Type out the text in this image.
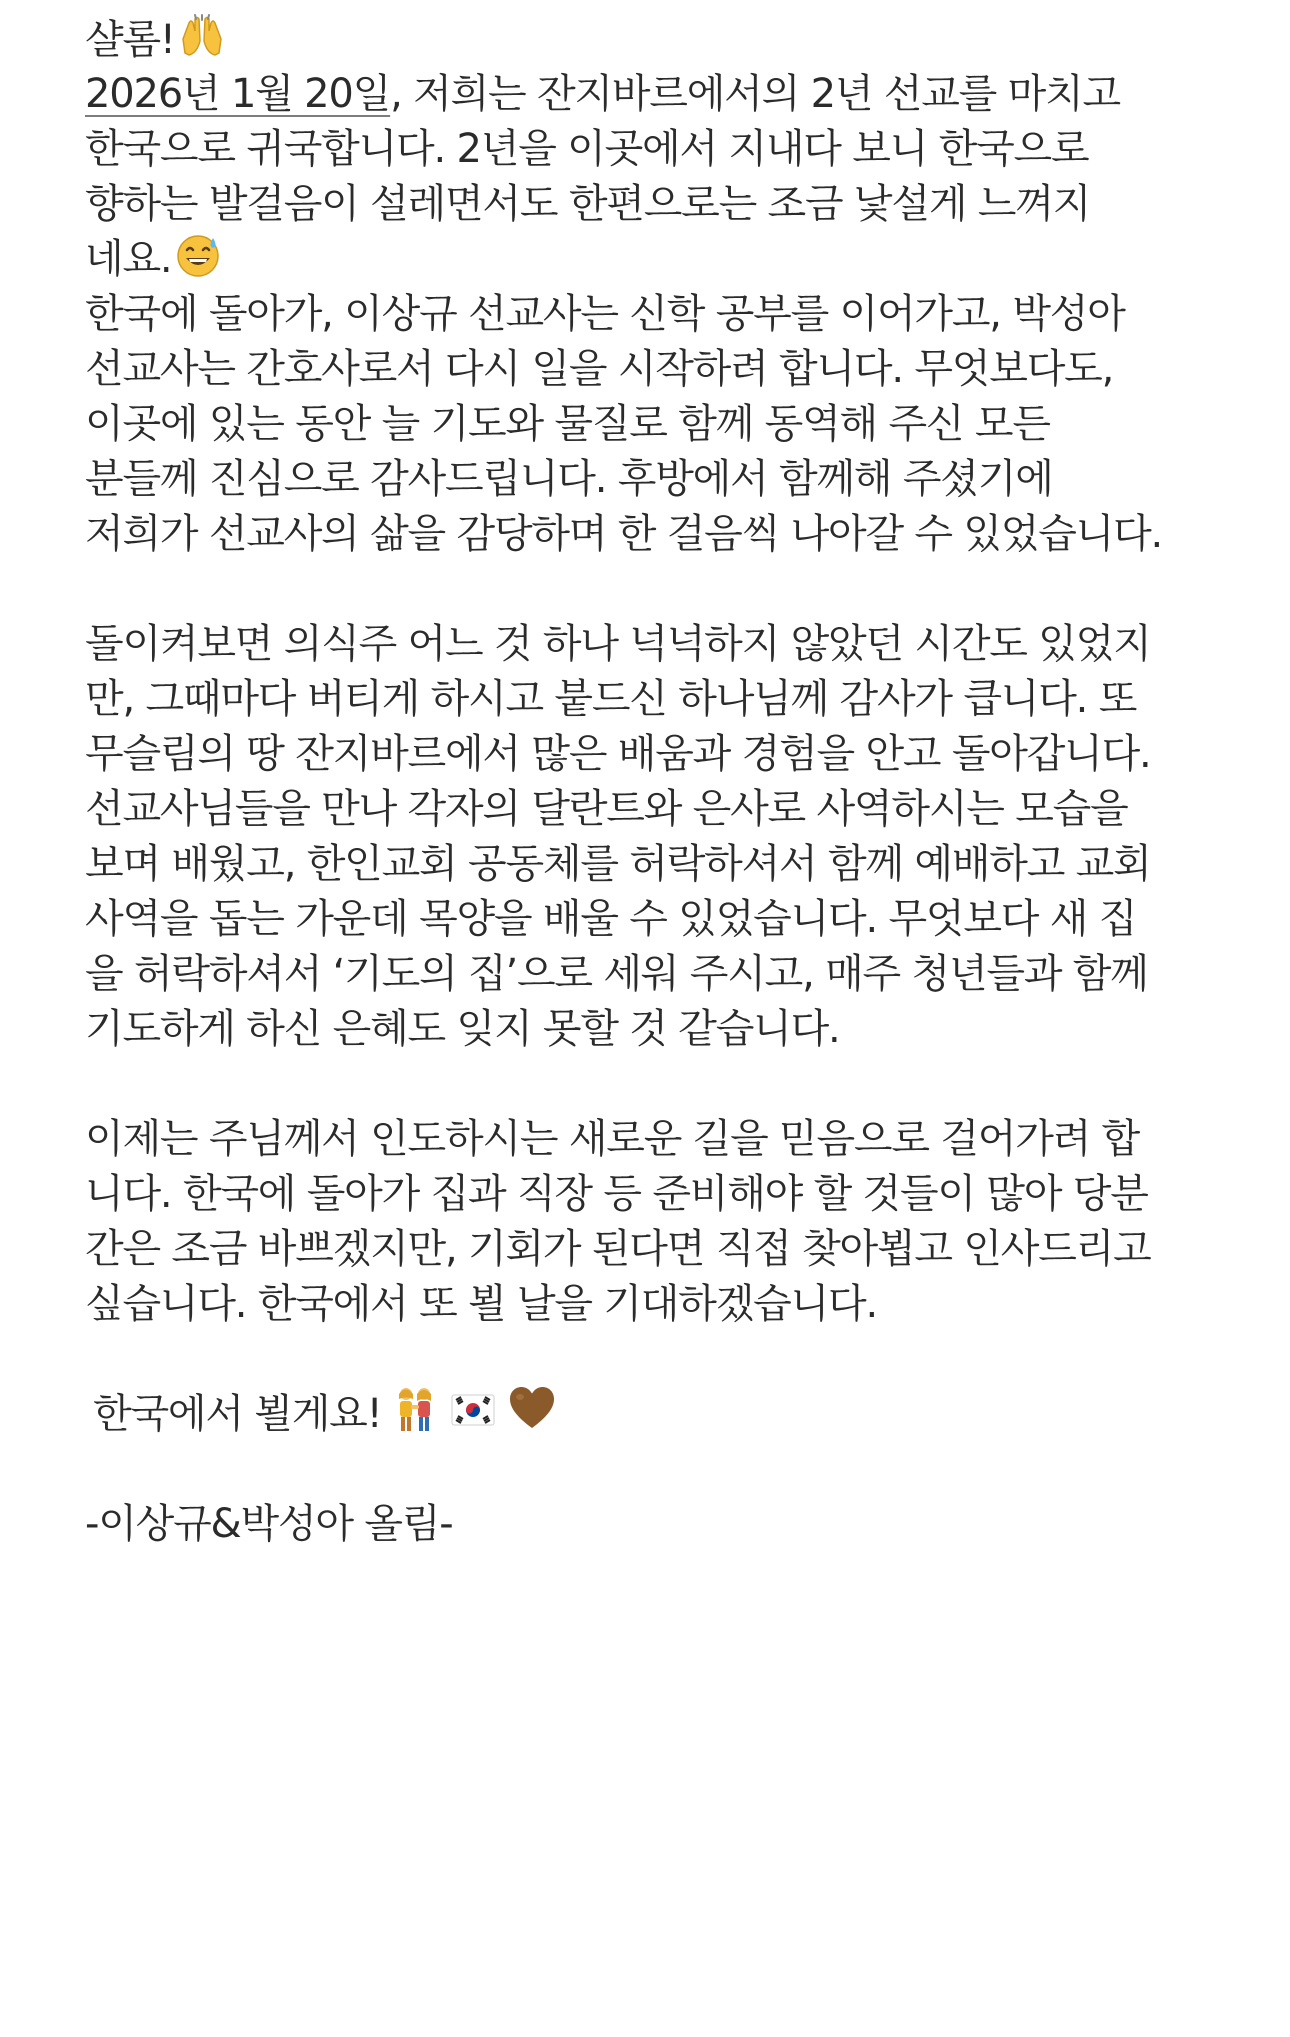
샬롬!
2026년 1월 20일, 저희는 잔지바르에서의 2년 선교를 마치고
한국으로 귀국합니다. 2년을 이곳에서 지내다 보니 한국으로
향하는 발걸음이 설레면서도 한편으로는 조금 낯설게 느껴지
네요.
한국에 돌아가, 이상규 선교사는 신학 공부를 이어가고, 박성아
선교사는 간호사로서 다시 일을 시작하려 합니다. 무엇보다도,
이곳에 있는 동안 늘 기도와 물질로 함께 동역해 주신 모든
분들께 진심으로 감사드립니다. 후방에서 함께해 주셨기에
저희가 선교사의 삶을 감당하며 한 걸음씩 나아갈 수 있었습니다.
돌이켜보면 의식주 어느 것 하나 넉넉하지 않았던 시간도 있었지
만, 그때마다 버티게 하시고 붙드신 하나님께 감사가 큽니다. 또
무슬림의 땅 잔지바르에서 많은 배움과 경험을 안고 돌아갑니다.
선교사님들을 만나 각자의 달란트와 은사로 사역하시는 모습을
보며 배웠고, 한인교회 공동체를 허락하셔서 함께 예배하고 교회
사역을 돕는 가운데 목양을 배울 수 있었습니다. 무엇보다 새 집
을 허락하셔서 ‘기도의 집’으로 세워 주시고, 매주 청년들과 함께
기도하게 하신 은혜도 잊지 못할 것 같습니다.
이제는 주님께서 인도하시는 새로운 길을 믿음으로 걸어가려 합
니다. 한국에 돌아가 집과 직장 등 준비해야 할 것들이 많아 당분
간은 조금 바쁘겠지만, 기회가 된다면 직접 찾아뵙고 인사드리고
싶습니다. 한국에서 또 뵐 날을 기대하겠습니다.
한국에서 뵐게요!
-이상규&박성아 올림-
